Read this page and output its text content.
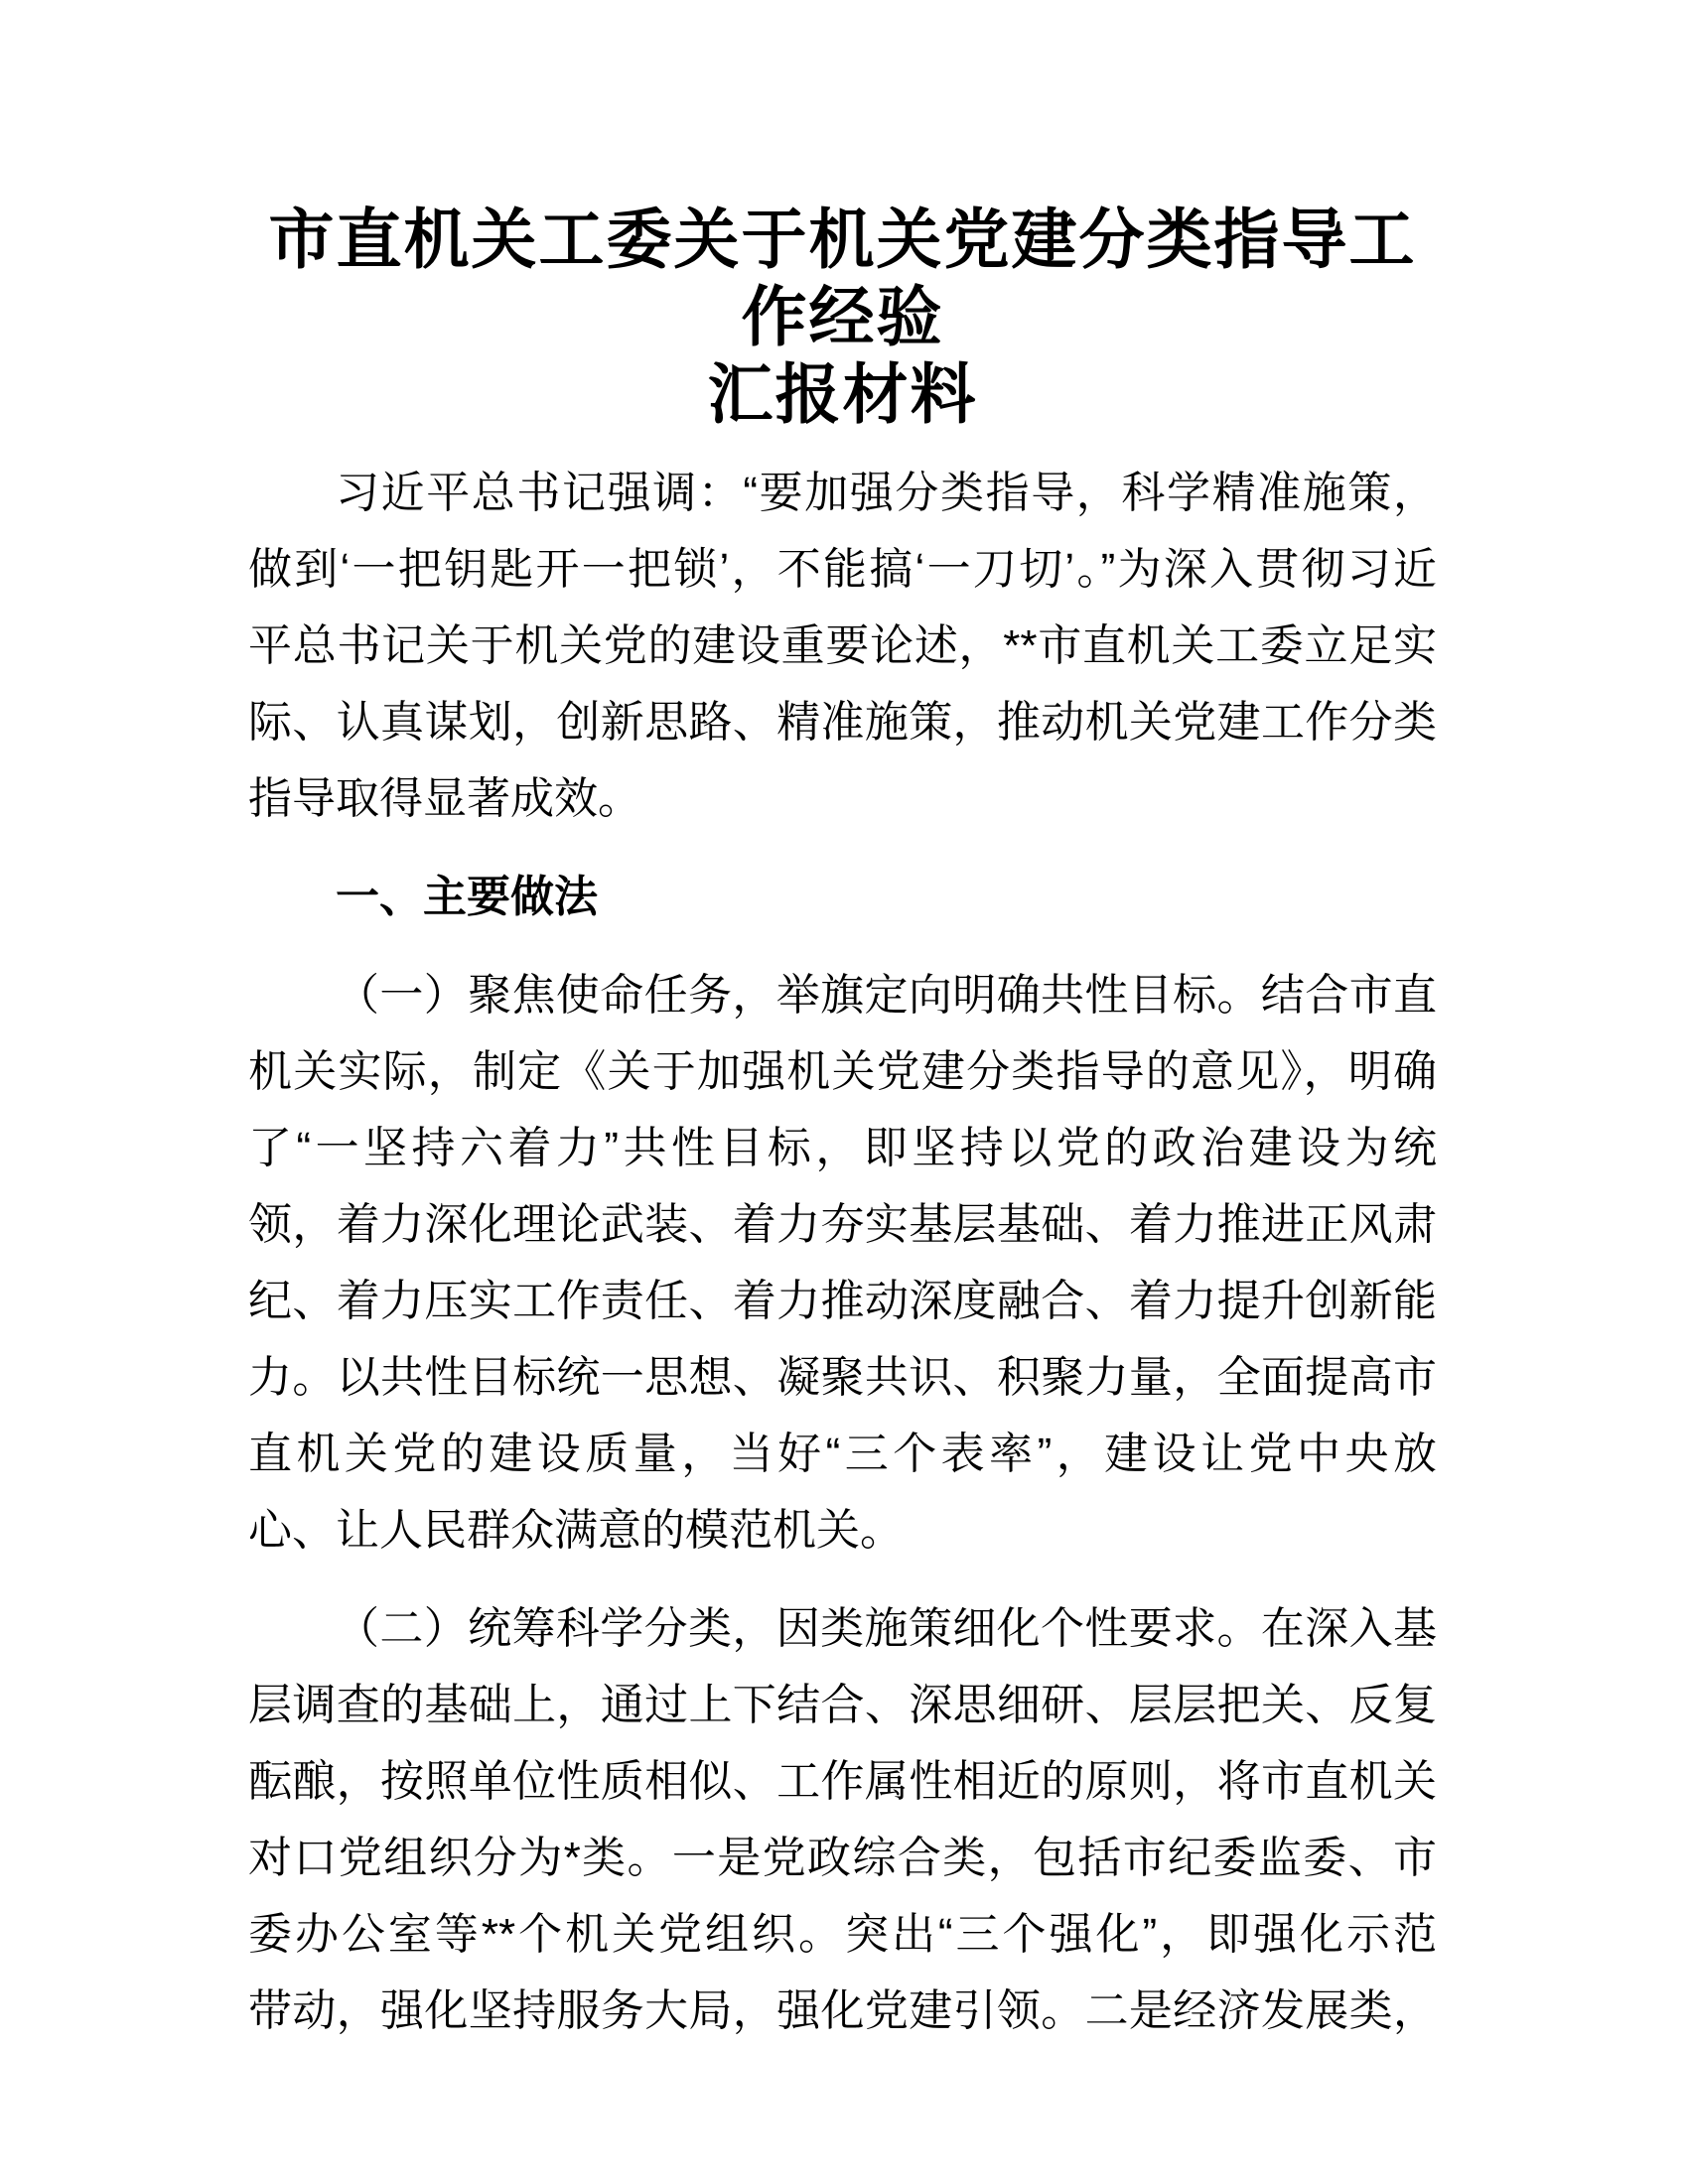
市直机关工委关于机关党建分类指导工作经验
汇报材料
习近平总书记强调：“要加强分类指导，科学精准施策，
做到‘一把钥匙开一把锁’，不能搞‘一刀切’。”为深入贯彻习近
平总书记关于机关党的建设重要论述，**市直机关工委立足实
际、认真谋划，创新思路、精准施策，推动机关党建工作分类
指导取得显著成效。
一、主要做法
（一）聚焦使命任务，举旗定向明确共性目标。结合市直
机关实际，制定《关于加强机关党建分类指导的意见》，明确
了“一坚持六着力”共性目标，即坚持以党的政治建设为统
领，着力深化理论武装、着力夯实基层基础、着力推进正风肃
纪、着力压实工作责任、着力推动深度融合、着力提升创新能
力。以共性目标统一思想、凝聚共识、积聚力量，全面提高市
直机关党的建设质量，当好“三个表率”，建设让党中央放
心、让人民群众满意的模范机关。
（二）统筹科学分类，因类施策细化个性要求。在深入基
层调查的基础上，通过上下结合、深思细研、层层把关、反复
酝酿，按照单位性质相似、工作属性相近的原则，将市直机关
对口党组织分为*类。一是党政综合类，包括市纪委监委、市
委办公室等**个机关党组织。突出“三个强化”，即强化示范
带动，强化坚持服务大局，强化党建引领。二是经济发展类，
